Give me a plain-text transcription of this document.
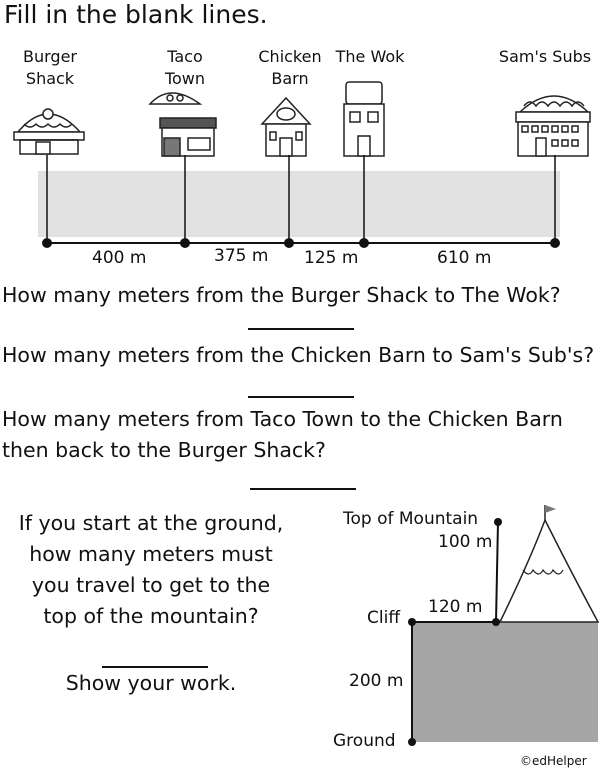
Fill in the blank lines.
Burger
Shack
Taco
Town
Chicken
Barn
The Wok	Sam's Subs
400 m	375 m 125 m	610 m
How many meters from the Burger Shack to The Wok?
How many meters from the Chicken Barn to Sam's Sub's?
How many meters from Taco Town to the Chicken Barn
then back to the Burger Shack?
If you start at the ground,
how many meters must
you travel to get to the
top of the mountain?
Show your work.
Top of Mountain
100 m
Cliff
120 m
200 m
Ground
©edHelper
